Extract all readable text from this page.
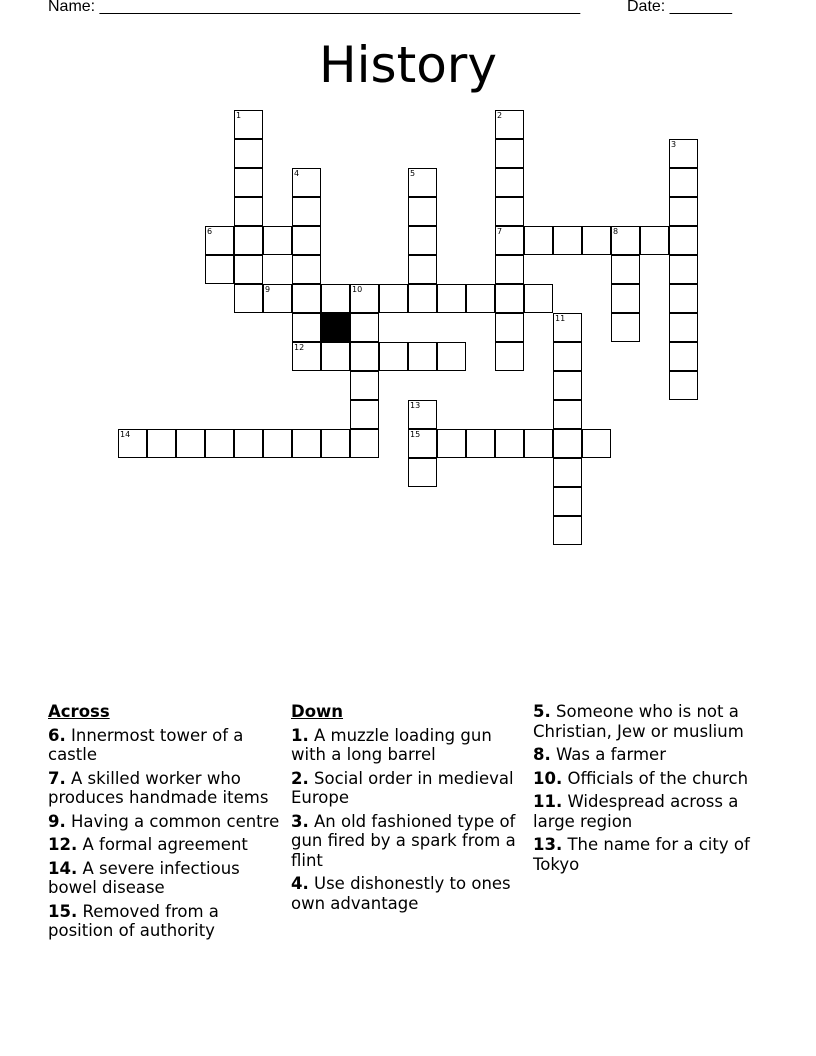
Name: ______________________________________________________	Date: _______
History
1	2
7
3
4
12
5
6	8
9	10
11
13
15
14
Across
6. Innermost tower of a castle
7. A skilled worker who produces handmade items
9. Having a common centre
12. A formal agreement
14. A severe infectious bowel disease
15. Removed from a position of authority
Down
1. A muzzle loading gun with a long barrel
2. Social order in medieval Europe
3. An old fashioned type of gun fired by a spark from a flint
4. Use dishonestly to ones own advantage
5. Someone who is not a Christian, Jew or muslium
8. Was a farmer
10. Officials of the church
11. Widespread across a large region
13. The name for a city of Tokyo
